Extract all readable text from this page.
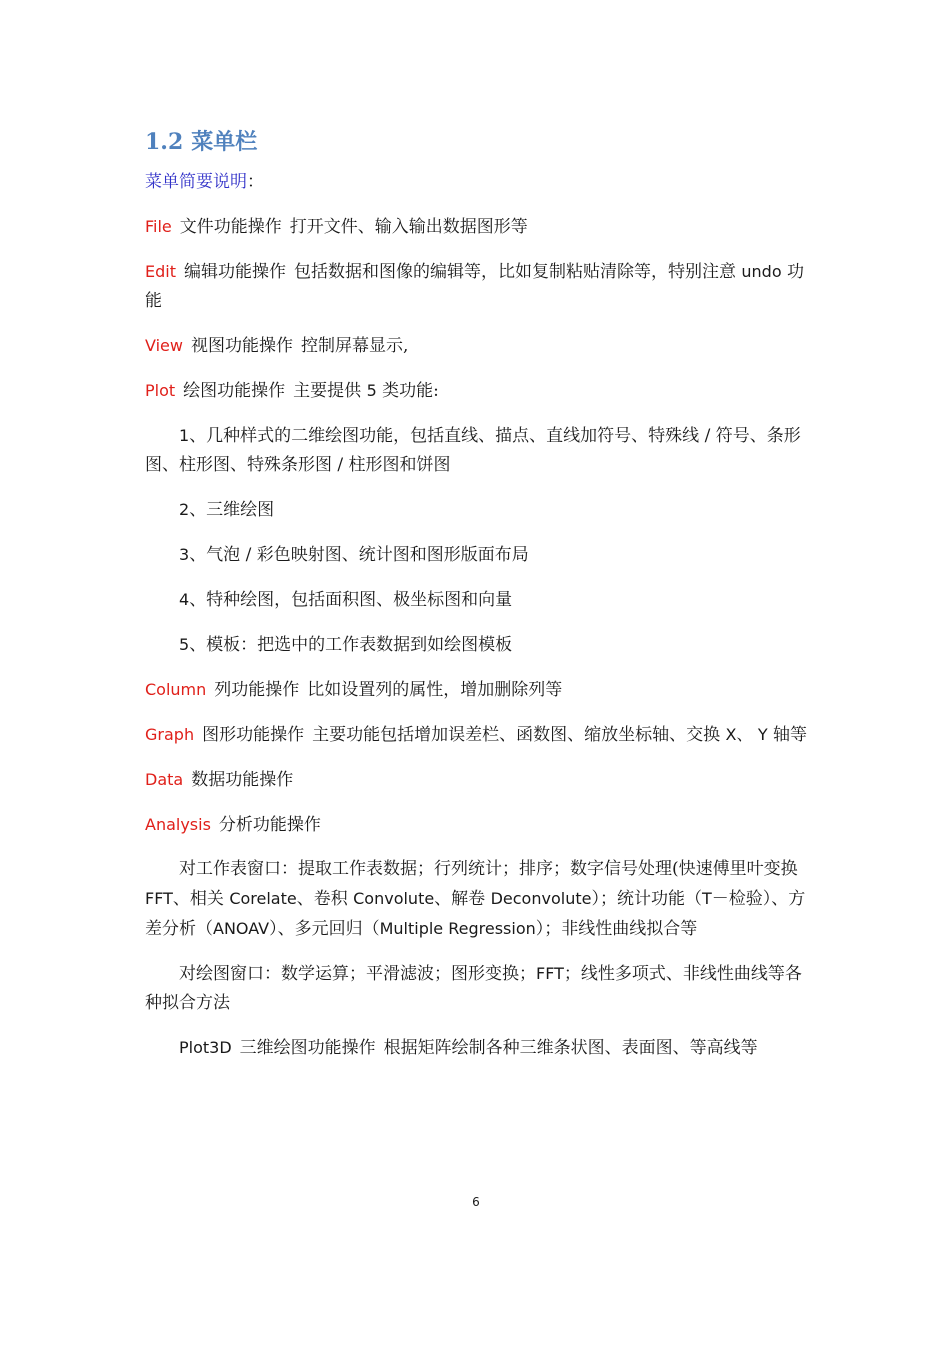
1.2 菜单栏

菜单简要说明：

File 文件功能操作 打开文件、输入输出数据图形等

Edit 编辑功能操作 包括数据和图像的编辑等，比如复制粘贴清除等，特别注意 undo 功能

View 视图功能操作 控制屏幕显示,

Plot 绘图功能操作 主要提供 5 类功能:

1、几种样式的二维绘图功能，包括直线、描点、直线加符号、特殊线 / 符号、条形图、柱形图、特殊条形图 / 柱形图和饼图

2、三维绘图

3、气泡 / 彩色映射图、统计图和图形版面布局

4、特种绘图，包括面积图、极坐标图和向量

5、模板：把选中的工作表数据到如绘图模板

Column 列功能操作 比如设置列的属性，增加删除列等

Graph 图形功能操作 主要功能包括增加误差栏、函数图、缩放坐标轴、交换 X、 Y 轴等

Data 数据功能操作

Analysis 分析功能操作

对工作表窗口：提取工作表数据；行列统计；排序；数字信号处理(快速傅里叶变换 FFT、相关 Corelate、卷积 Convolute、解卷 Deconvolute）；统计功能（T－检验）、方差分析（ANOAV）、多元回归（Multiple Regression）；非线性曲线拟合等

对绘图窗口：数学运算；平滑滤波；图形变换；FFT；线性多项式、非线性曲线等各种拟合方法

Plot3D 三维绘图功能操作 根据矩阵绘制各种三维条状图、表面图、等高线等

6
